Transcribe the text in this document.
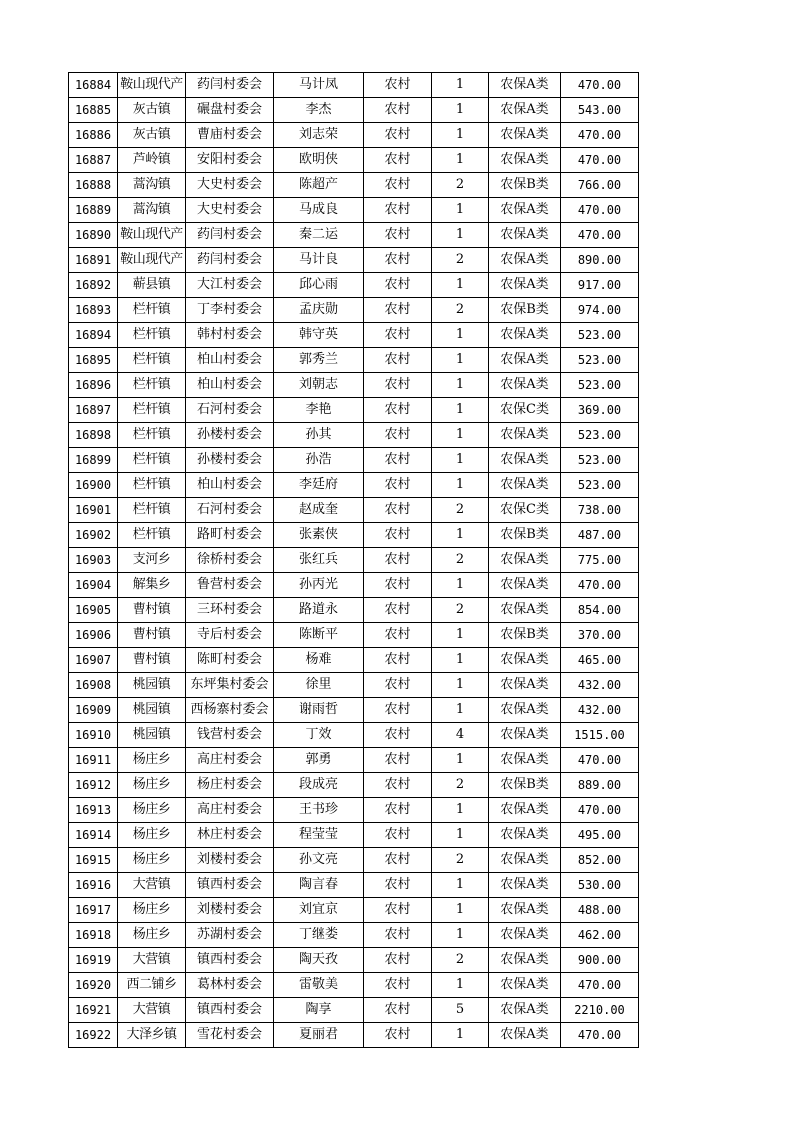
16884	鞍山现代产	药闫村委会	马计凤	农村	1	农保A类	470.00
16885	灰古镇	碾盘村委会	李杰	农村	1	农保A类	543.00
16886	灰古镇	曹庙村委会	刘志荣	农村	1	农保A类	470.00
16887	芦岭镇	安阳村委会	欧明侠	农村	1	农保A类	470.00
16888	蒿沟镇	大史村委会	陈超产	农村	2	农保B类	766.00
16889	蒿沟镇	大史村委会	马成良	农村	1	农保A类	470.00
16890	鞍山现代产	药闫村委会	秦二运	农村	1	农保A类	470.00
16891	鞍山现代产	药闫村委会	马计良	农村	2	农保A类	890.00
16892	蕲县镇	大江村委会	邱心雨	农村	1	农保A类	917.00
16893	栏杆镇	丁李村委会	孟庆勋	农村	2	农保B类	974.00
16894	栏杆镇	韩村村委会	韩守英	农村	1	农保A类	523.00
16895	栏杆镇	柏山村委会	郭秀兰	农村	1	农保A类	523.00
16896	栏杆镇	柏山村委会	刘朝志	农村	1	农保A类	523.00
16897	栏杆镇	石河村委会	李艳	农村	1	农保C类	369.00
16898	栏杆镇	孙楼村委会	孙其	农村	1	农保A类	523.00
16899	栏杆镇	孙楼村委会	孙浩	农村	1	农保A类	523.00
16900	栏杆镇	柏山村委会	李廷府	农村	1	农保A类	523.00
16901	栏杆镇	石河村委会	赵成奎	农村	2	农保C类	738.00
16902	栏杆镇	路町村委会	张素侠	农村	1	农保B类	487.00
16903	支河乡	徐桥村委会	张红兵	农村	2	农保A类	775.00
16904	解集乡	鲁营村委会	孙丙光	农村	1	农保A类	470.00
16905	曹村镇	三环村委会	路道永	农村	2	农保A类	854.00
16906	曹村镇	寺后村委会	陈断平	农村	1	农保B类	370.00
16907	曹村镇	陈町村委会	杨难	农村	1	农保A类	465.00
16908	桃园镇	东坪集村委会	徐里	农村	1	农保A类	432.00
16909	桃园镇	西杨寨村委会	谢雨哲	农村	1	农保A类	432.00
16910	桃园镇	钱营村委会	丁效	农村	4	农保A类	1515.00
16911	杨庄乡	高庄村委会	郭勇	农村	1	农保A类	470.00
16912	杨庄乡	杨庄村委会	段成亮	农村	2	农保B类	889.00
16913	杨庄乡	高庄村委会	王书珍	农村	1	农保A类	470.00
16914	杨庄乡	林庄村委会	程莹莹	农村	1	农保A类	495.00
16915	杨庄乡	刘楼村委会	孙文亮	农村	2	农保A类	852.00
16916	大营镇	镇西村委会	陶言春	农村	1	农保A类	530.00
16917	杨庄乡	刘楼村委会	刘宜京	农村	1	农保A类	488.00
16918	杨庄乡	苏湖村委会	丁继娄	农村	1	农保A类	462.00
16919	大营镇	镇西村委会	陶天孜	农村	2	农保A类	900.00
16920	西二铺乡	葛林村委会	雷敬美	农村	1	农保A类	470.00
16921	大营镇	镇西村委会	陶享	农村	5	农保A类	2210.00
16922	大泽乡镇	雪花村委会	夏丽君	农村	1	农保A类	470.00
